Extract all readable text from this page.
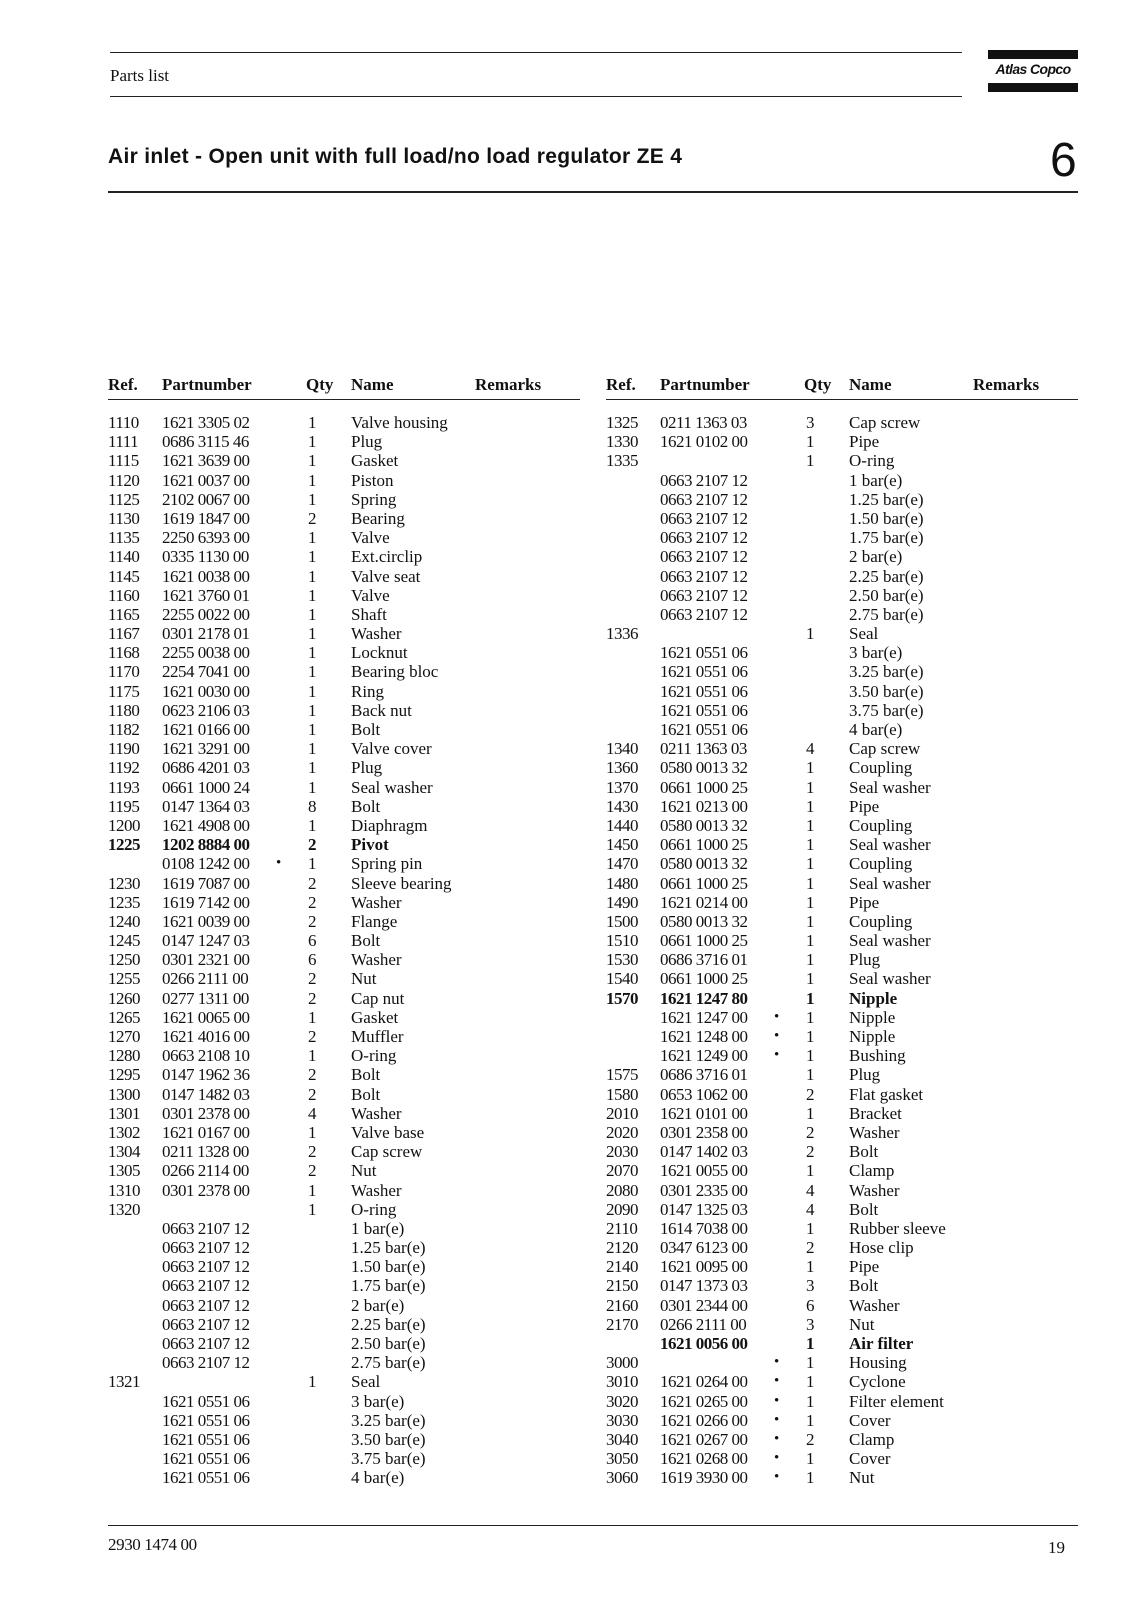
Parts list	Atlas Copco
Air inlet - Open unit with full load/no load regulator ZE 4	6
Ref. Partnumber	Qty Name	Remarks
1110 1621 3305 02	1 Valve housing
1111 0686 3115 46	1 Plug
1115 1621 3639 00	1 Gasket
1120 1621 0037 00	1 Piston
1125 2102 0067 00	1 Spring
1130 1619 1847 00	2 Bearing
1135 2250 6393 00	1 Valve
1140 0335 1130 00	1 Ext.circlip
1145 1621 0038 00	1 Valve seat
1160 1621 3760 01	1 Valve
1165 2255 0022 00	1 Shaft
1167 0301 2178 01	1 Washer
1168 2255 0038 00	1 Locknut
1170 2254 7041 00	1 Bearing bloc
1175 1621 0030 00	1 Ring
1180 0623 2106 03	1 Back nut
1182 1621 0166 00	1 Bolt
1190 1621 3291 00	1 Valve cover
1192 0686 4201 03	1 Plug
1193 0661 1000 24	1 Seal washer
1195 0147 1364 03	8 Bolt
1200 1621 4908 00	1 Diaphragm
1225 1202 8884 00	2 Pivot
0108 1242 00 • 1 Spring pin
1230 1619 7087 00	2 Sleeve bearing
1235 1619 7142 00	2 Washer
1240 1621 0039 00	2 Flange
1245 0147 1247 03	6 Bolt
1250 0301 2321 00	6 Washer
1255 0266 2111 00	2 Nut
1260 0277 1311 00	2 Cap nut
1265 1621 0065 00	1 Gasket
1270 1621 4016 00	2 Muffler
1280 0663 2108 10	1 O-ring
1295 0147 1962 36	2 Bolt
1300 0147 1482 03	2 Bolt
1301 0301 2378 00	4 Washer
1302 1621 0167 00	1 Valve base
1304 0211 1328 00	2 Cap screw
1305 0266 2114 00	2 Nut
1310 0301 2378 00	1 Washer
1320	1 O-ring
0663 2107 12	1 bar(e)
0663 2107 12	1.25 bar(e)
0663 2107 12	1.50 bar(e)
0663 2107 12	1.75 bar(e)
0663 2107 12	2 bar(e)
0663 2107 12	2.25 bar(e)
0663 2107 12	2.50 bar(e)
0663 2107 12	2.75 bar(e)
1321	1 Seal
1621 0551 06	3 bar(e)
1621 0551 06	3.25 bar(e)
1621 0551 06	3.50 bar(e)
1621 0551 06	3.75 bar(e)
1621 0551 06	4 bar(e)
Ref. Partnumber	Qty Name	Remarks
1325 0211 1363 03	3 Cap screw
1330 1621 0102 00	1 Pipe
1335	1 O-ring
0663 2107 12	1 bar(e)
0663 2107 12	1.25 bar(e)
0663 2107 12	1.50 bar(e)
0663 2107 12	1.75 bar(e)
0663 2107 12	2 bar(e)
0663 2107 12	2.25 bar(e)
0663 2107 12	2.50 bar(e)
0663 2107 12	2.75 bar(e)
1336	1 Seal
1621 0551 06	3 bar(e)
1621 0551 06	3.25 bar(e)
1621 0551 06	3.50 bar(e)
1621 0551 06	3.75 bar(e)
1621 0551 06	4 bar(e)
1340 0211 1363 03	4 Cap screw
1360 0580 0013 32	1 Coupling
1370 0661 1000 25	1 Seal washer
1430 1621 0213 00	1 Pipe
1440 0580 0013 32	1 Coupling
1450 0661 1000 25	1 Seal washer
1470 0580 0013 32	1 Coupling
1480 0661 1000 25	1 Seal washer
1490 1621 0214 00	1 Pipe
1500 0580 0013 32	1 Coupling
1510 0661 1000 25	1 Seal washer
1530 0686 3716 01	1 Plug
1540 0661 1000 25	1 Seal washer
1570 1621 1247 80	1 Nipple
1621 1247 00 • 1 Nipple
1621 1248 00 • 1 Nipple
1621 1249 00 • 1 Bushing
1575 0686 3716 01	1 Plug
1580 0653 1062 00	2 Flat gasket
2010 1621 0101 00	1 Bracket
2020 0301 2358 00	2 Washer
2030 0147 1402 03	2 Bolt
2070 1621 0055 00	1 Clamp
2080 0301 2335 00	4 Washer
2090 0147 1325 03	4 Bolt
2110 1614 7038 00	1 Rubber sleeve
2120 0347 6123 00	2 Hose clip
2140 1621 0095 00	1 Pipe
2150 0147 1373 03	3 Bolt
2160 0301 2344 00	6 Washer
2170 0266 2111 00	3 Nut
1621 0056 00	1 Air filter
3000	• 1 Housing
3010 1621 0264 00 • 1 Cyclone
3020 1621 0265 00 • 1 Filter element
3030 1621 0266 00 • 1 Cover
3040 1621 0267 00 • 2 Clamp
3050 1621 0268 00 • 1 Cover
3060 1619 3930 00 • 1 Nut
2930 1474 00	19
